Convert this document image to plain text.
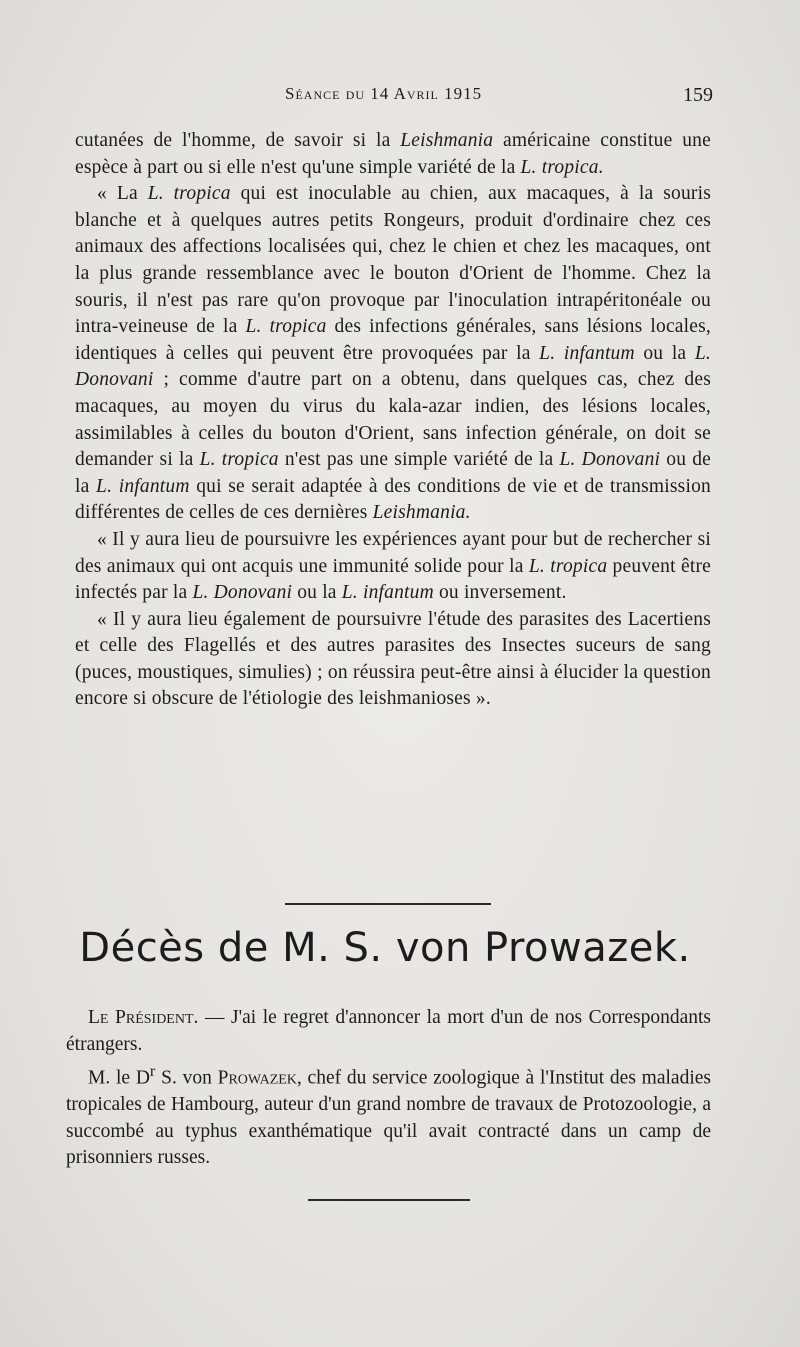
Séance du 14 Avril 1915	159

cutanées de l'homme, de savoir si la Leishmania américaine constitue une espèce à part ou si elle n'est qu'une simple variété de la L. tropica.

« La L. tropica qui est inoculable au chien, aux macaques, à la souris blanche et à quelques autres petits Rongeurs, produit d'ordinaire chez ces animaux des affections localisées qui, chez le chien et chez les macaques, ont la plus grande ressemblance avec le bouton d'Orient de l'homme. Chez la souris, il n'est pas rare qu'on provoque par l'inoculation intrapéritonéale ou intra-veineuse de la L. tropica des infections générales, sans lésions locales, identiques à celles qui peuvent être provoquées par la L. infantum ou la L. Donovani ; comme d'autre part on a obtenu, dans quelques cas, chez des macaques, au moyen du virus du kala-azar indien, des lésions locales, assimilables à celles du bouton d'Orient, sans infection générale, on doit se demander si la L. tropica n'est pas une simple variété de la L. Donovani ou de la L. infantum qui se serait adaptée à des conditions de vie et de transmission différentes de celles de ces dernières Leishmania.

« Il y aura lieu de poursuivre les expériences ayant pour but de rechercher si des animaux qui ont acquis une immunité solide pour la L. tropica peuvent être infectés par la L. Donovani ou la L. infantum ou inversement.

« Il y aura lieu également de poursuivre l'étude des parasites des Lacertiens et celle des Flagellés et des autres parasites des Insectes suceurs de sang (puces, moustiques, simulies) ; on réussira peut-être ainsi à élucider la question encore si obscure de l'étiologie des leishmanioses ».

Décès de M. S. von Prowazek.

Le Président. — J'ai le regret d'annoncer la mort d'un de nos Correspondants étrangers.

M. le $D^r$ S. von Prowazek, chef du service zoologique à l'Institut des maladies tropicales de Hambourg, auteur d'un grand nombre de travaux de Protozoologie, a succombé au typhus exanthématique qu'il avait contracté dans un camp de prisonniers russes.
